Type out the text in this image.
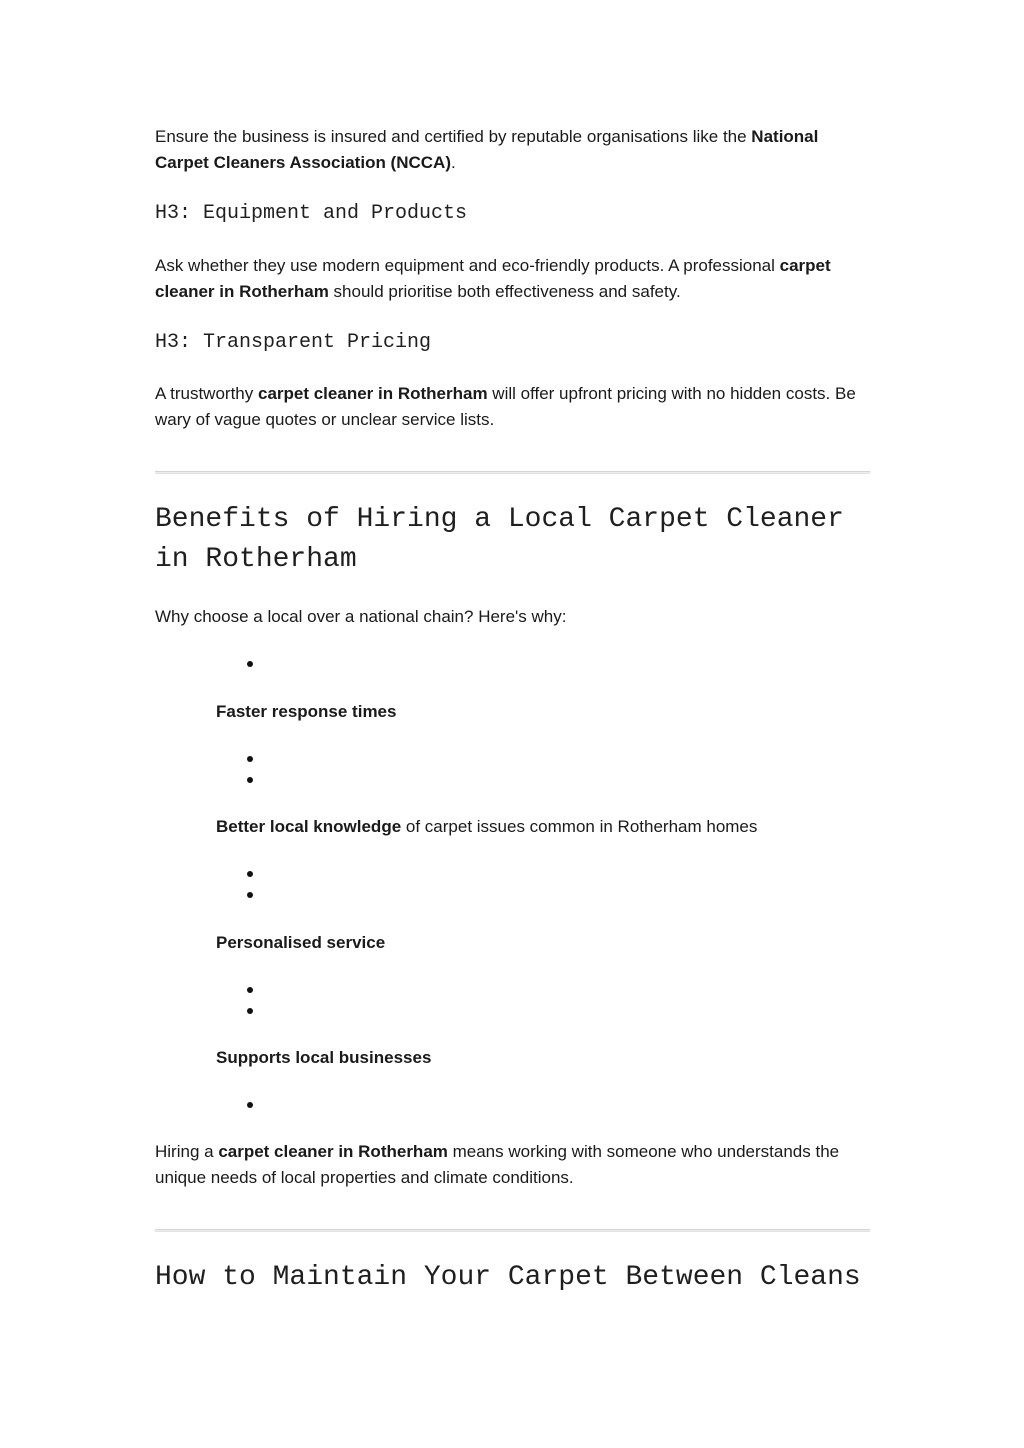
Ensure the business is insured and certified by reputable organisations like the National Carpet Cleaners Association (NCCA).

H3: Equipment and Products

Ask whether they use modern equipment and eco-friendly products. A professional carpet cleaner in Rotherham should prioritise both effectiveness and safety.

H3: Transparent Pricing

A trustworthy carpet cleaner in Rotherham will offer upfront pricing with no hidden costs. Be wary of vague quotes or unclear service lists.

Benefits of Hiring a Local Carpet Cleaner in Rotherham

Why choose a local over a national chain? Here's why:

Faster response times
Better local knowledge of carpet issues common in Rotherham homes
Personalised service
Supports local businesses

Hiring a carpet cleaner in Rotherham means working with someone who understands the unique needs of local properties and climate conditions.

How to Maintain Your Carpet Between Cleans
